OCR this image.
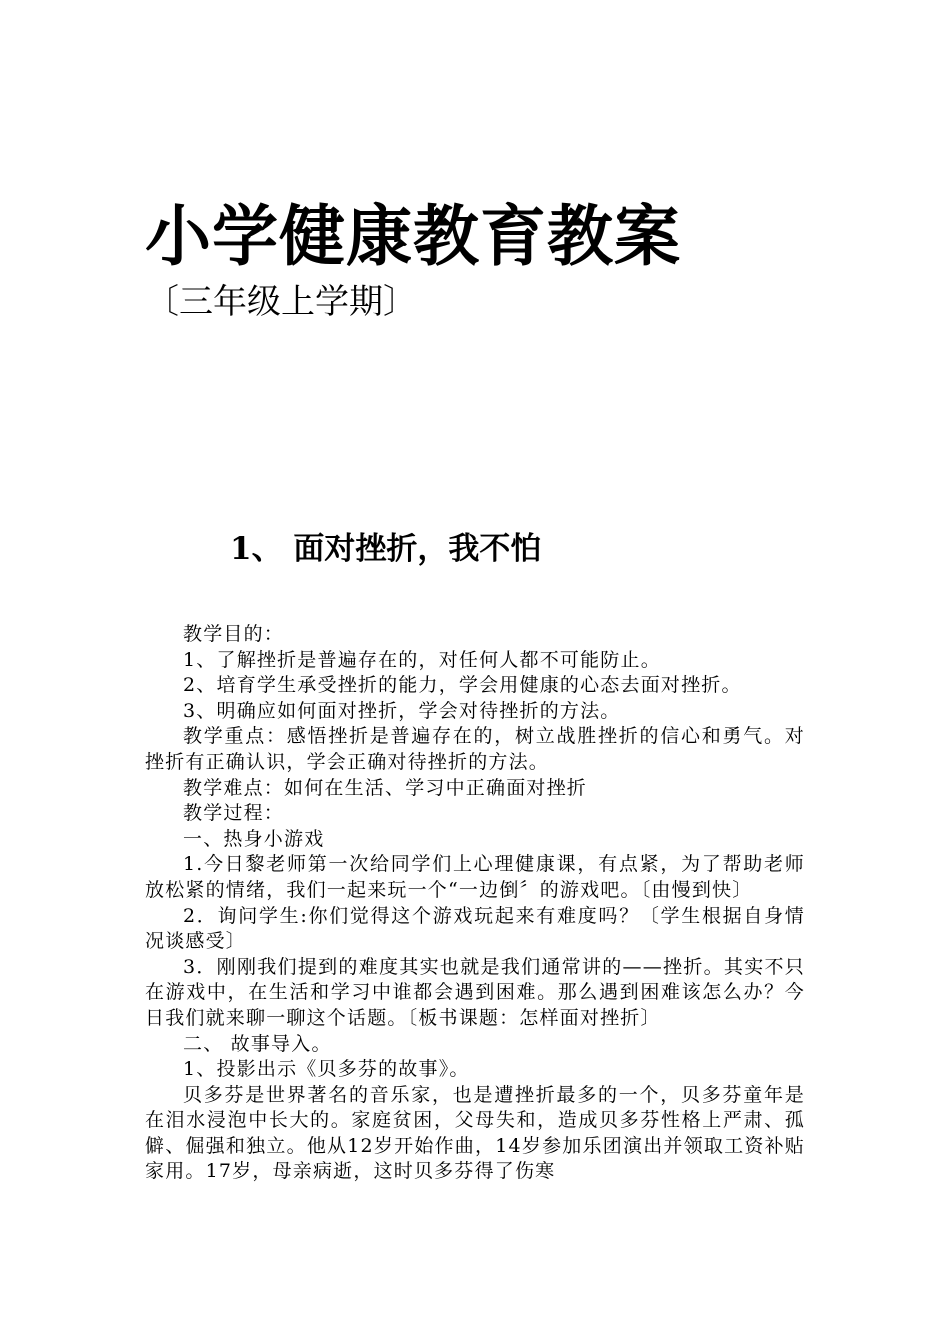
小学健康教育教案
〔三年级上学期〕
1、 面对挫折，我不怕

教学目的：

1、了解挫折是普遍存在的，对任何人都不可能防止。

2、培育学生承受挫折的能力，学会用健康的心态去面对挫折。

3、明确应如何面对挫折，学会对待挫折的方法。

教学重点：感悟挫折是普遍存在的，树立战胜挫折的信心和勇气。对挫折有正确认识，学会正确对待挫折的方法。

教学难点：如何在生活、学习中正确面对挫折

教学过程：

一、热身小游戏

1.今日黎老师第一次给同学们上心理健康课，有点紧，为了帮助老师放松紧的情绪，我们一起来玩一个“一边倒〞的游戏吧。〔由慢到快〕

2．询问学生:你们觉得这个游戏玩起来有难度吗？〔学生根据自身情况谈感受〕

3．刚刚我们提到的难度其实也就是我们通常讲的——挫折。其实不只在游戏中，在生活和学习中谁都会遇到困难。那么遇到困难该怎么办？今日我们就来聊一聊这个话题。〔板书课题：怎样面对挫折〕

二、 故事导入。

1、投影出示《贝多芬的故事》。

贝多芬是世界著名的音乐家，也是遭挫折最多的一个，贝多芬童年是在泪水浸泡中长大的。家庭贫困，父母失和，造成贝多芬性格上严肃、孤僻、倔强和独立。他从12岁开始作曲，14岁参加乐团演出并领取工资补贴家用。17岁，母亲病逝，这时贝多芬得了伤寒
